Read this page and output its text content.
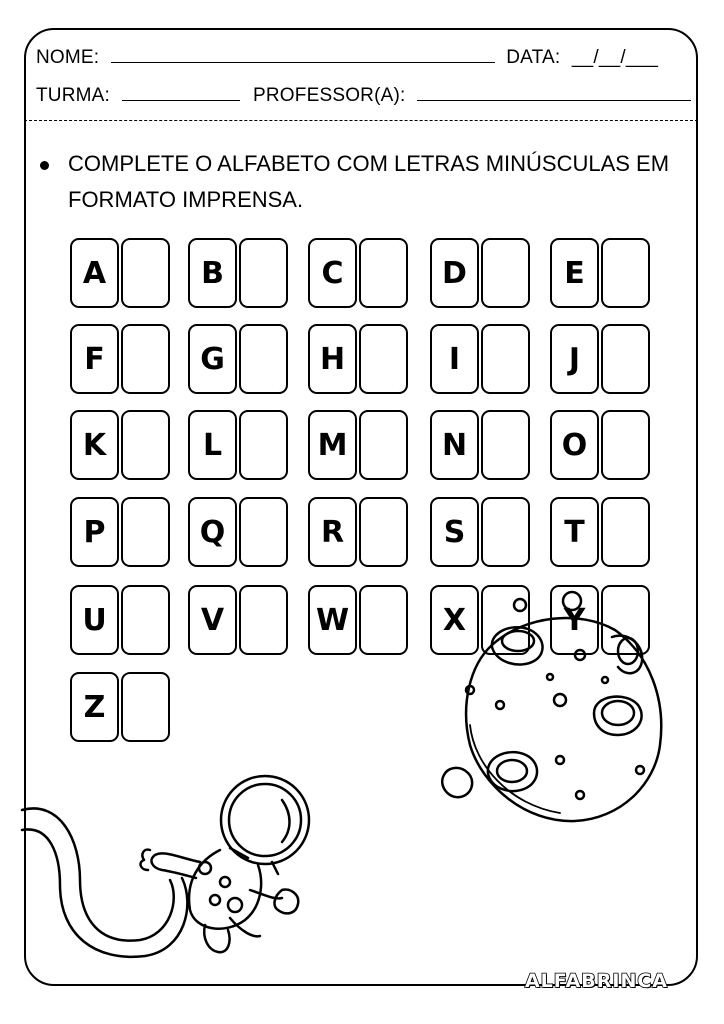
NOME:	DATA: __/__/___
TURMA:	PROFESSOR(A):
COMPLETE O ALFABETO COM LETRAS MINÚSCULAS EM FORMATO IMPRENSA.
A	B	C	D	E
F	G	H	I	J
K	L	M	N	O
P	Q	R	S	T
U	V	W	X	Y
Z
ALFABRINCA
